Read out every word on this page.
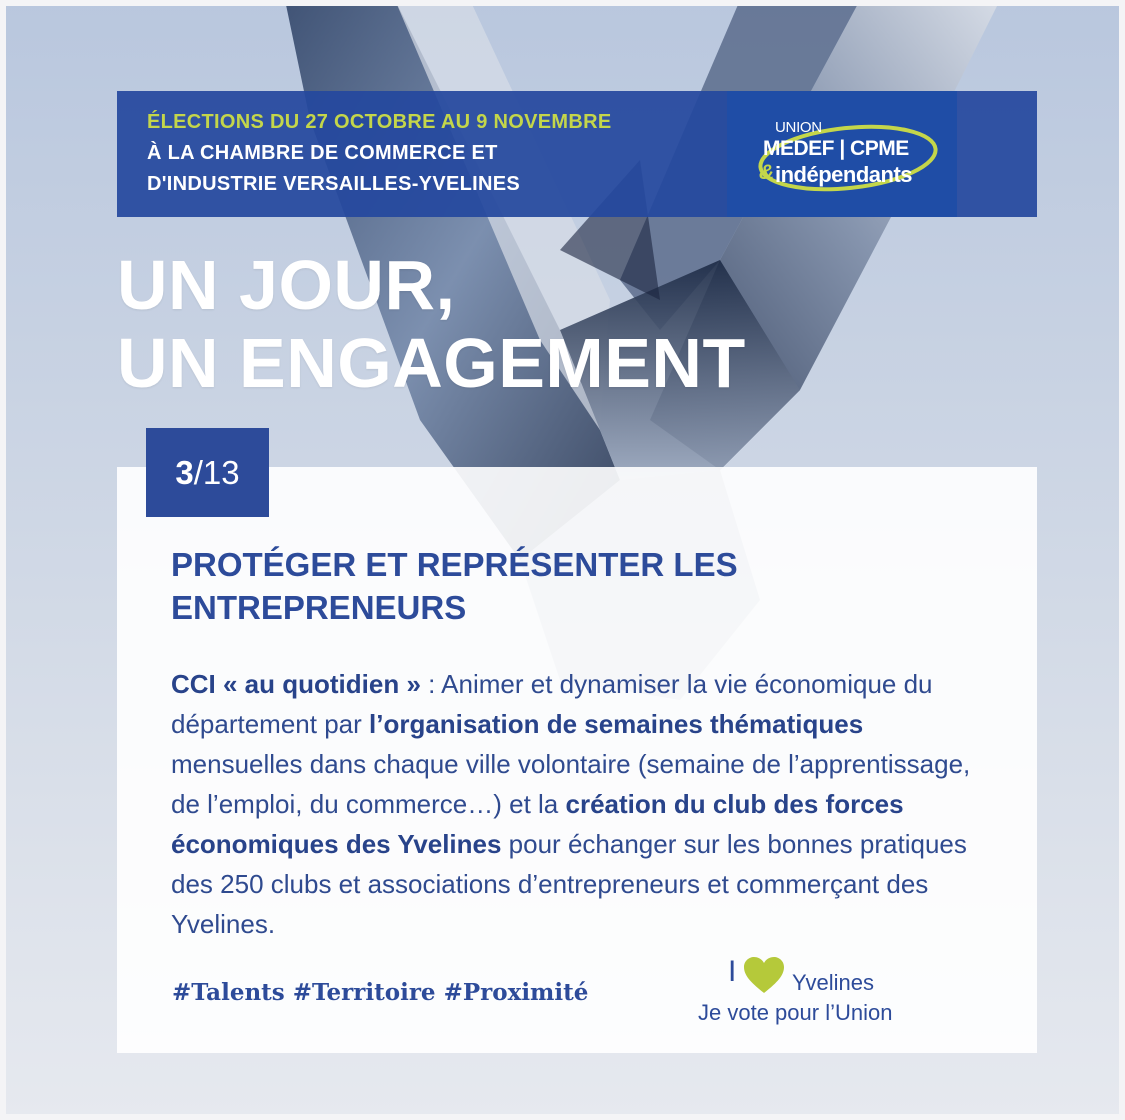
ÉLECTIONS DU 27 OCTOBRE AU 9 NOVEMBRE
À LA CHAMBRE DE COMMERCE ET
D'INDUSTRIE VERSAILLES-YVELINES
UNION
MEDEF | CPME
& indépendants
UN JOUR,
UN ENGAGEMENT
3 /13
PROTÉGER ET REPRÉSENTER LES ENTREPRENEURS
CCI « au quotidien » : Animer et dynamiser la vie économique du département par l’organisation de semaines thématiques mensuelles dans chaque ville volontaire (semaine de l’apprentissage, de l’emploi, du commerce…) et la création du club des forces économiques des Yvelines pour échanger sur les bonnes pratiques des 250 clubs et associations d’entrepreneurs et commerçant des Yvelines.
#Talents #Territoire #Proximité
I	Yvelines
Je vote pour l’Union
